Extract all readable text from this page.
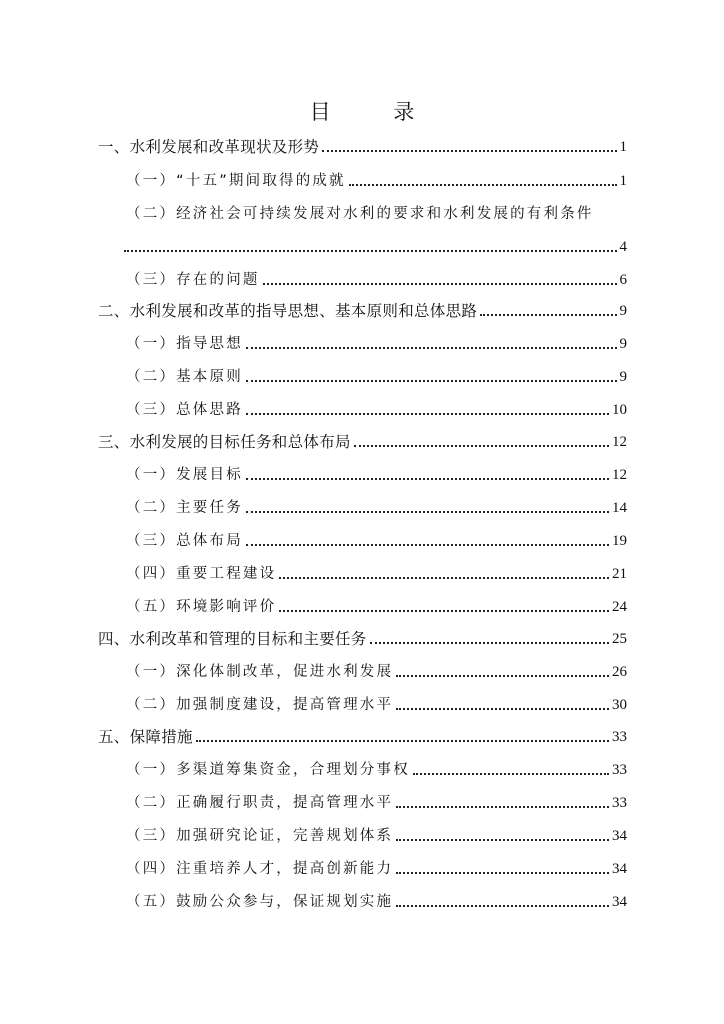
目 录
一、水利发展和改革现状及形势	1
（一）“十五”期间取得的成就	1
（二）经济社会可持续发展对水利的要求和水利发展的有利条件
4
（三）存在的问题	6
二、水利发展和改革的指导思想、基本原则和总体思路	9
（一）指导思想	9
（二）基本原则	9
（三）总体思路	10
三、水利发展的目标任务和总体布局	12
（一）发展目标	12
（二）主要任务	14
（三）总体布局	19
（四）重要工程建设	21
（五）环境影响评价	24
四、水利改革和管理的目标和主要任务	25
（一）深化体制改革，促进水利发展	26
（二）加强制度建设，提高管理水平	30
五、保障措施	33
（一）多渠道筹集资金，合理划分事权	33
（二）正确履行职责，提高管理水平	33
（三）加强研究论证，完善规划体系	34
（四）注重培养人才，提高创新能力	34
（五）鼓励公众参与，保证规划实施	34
